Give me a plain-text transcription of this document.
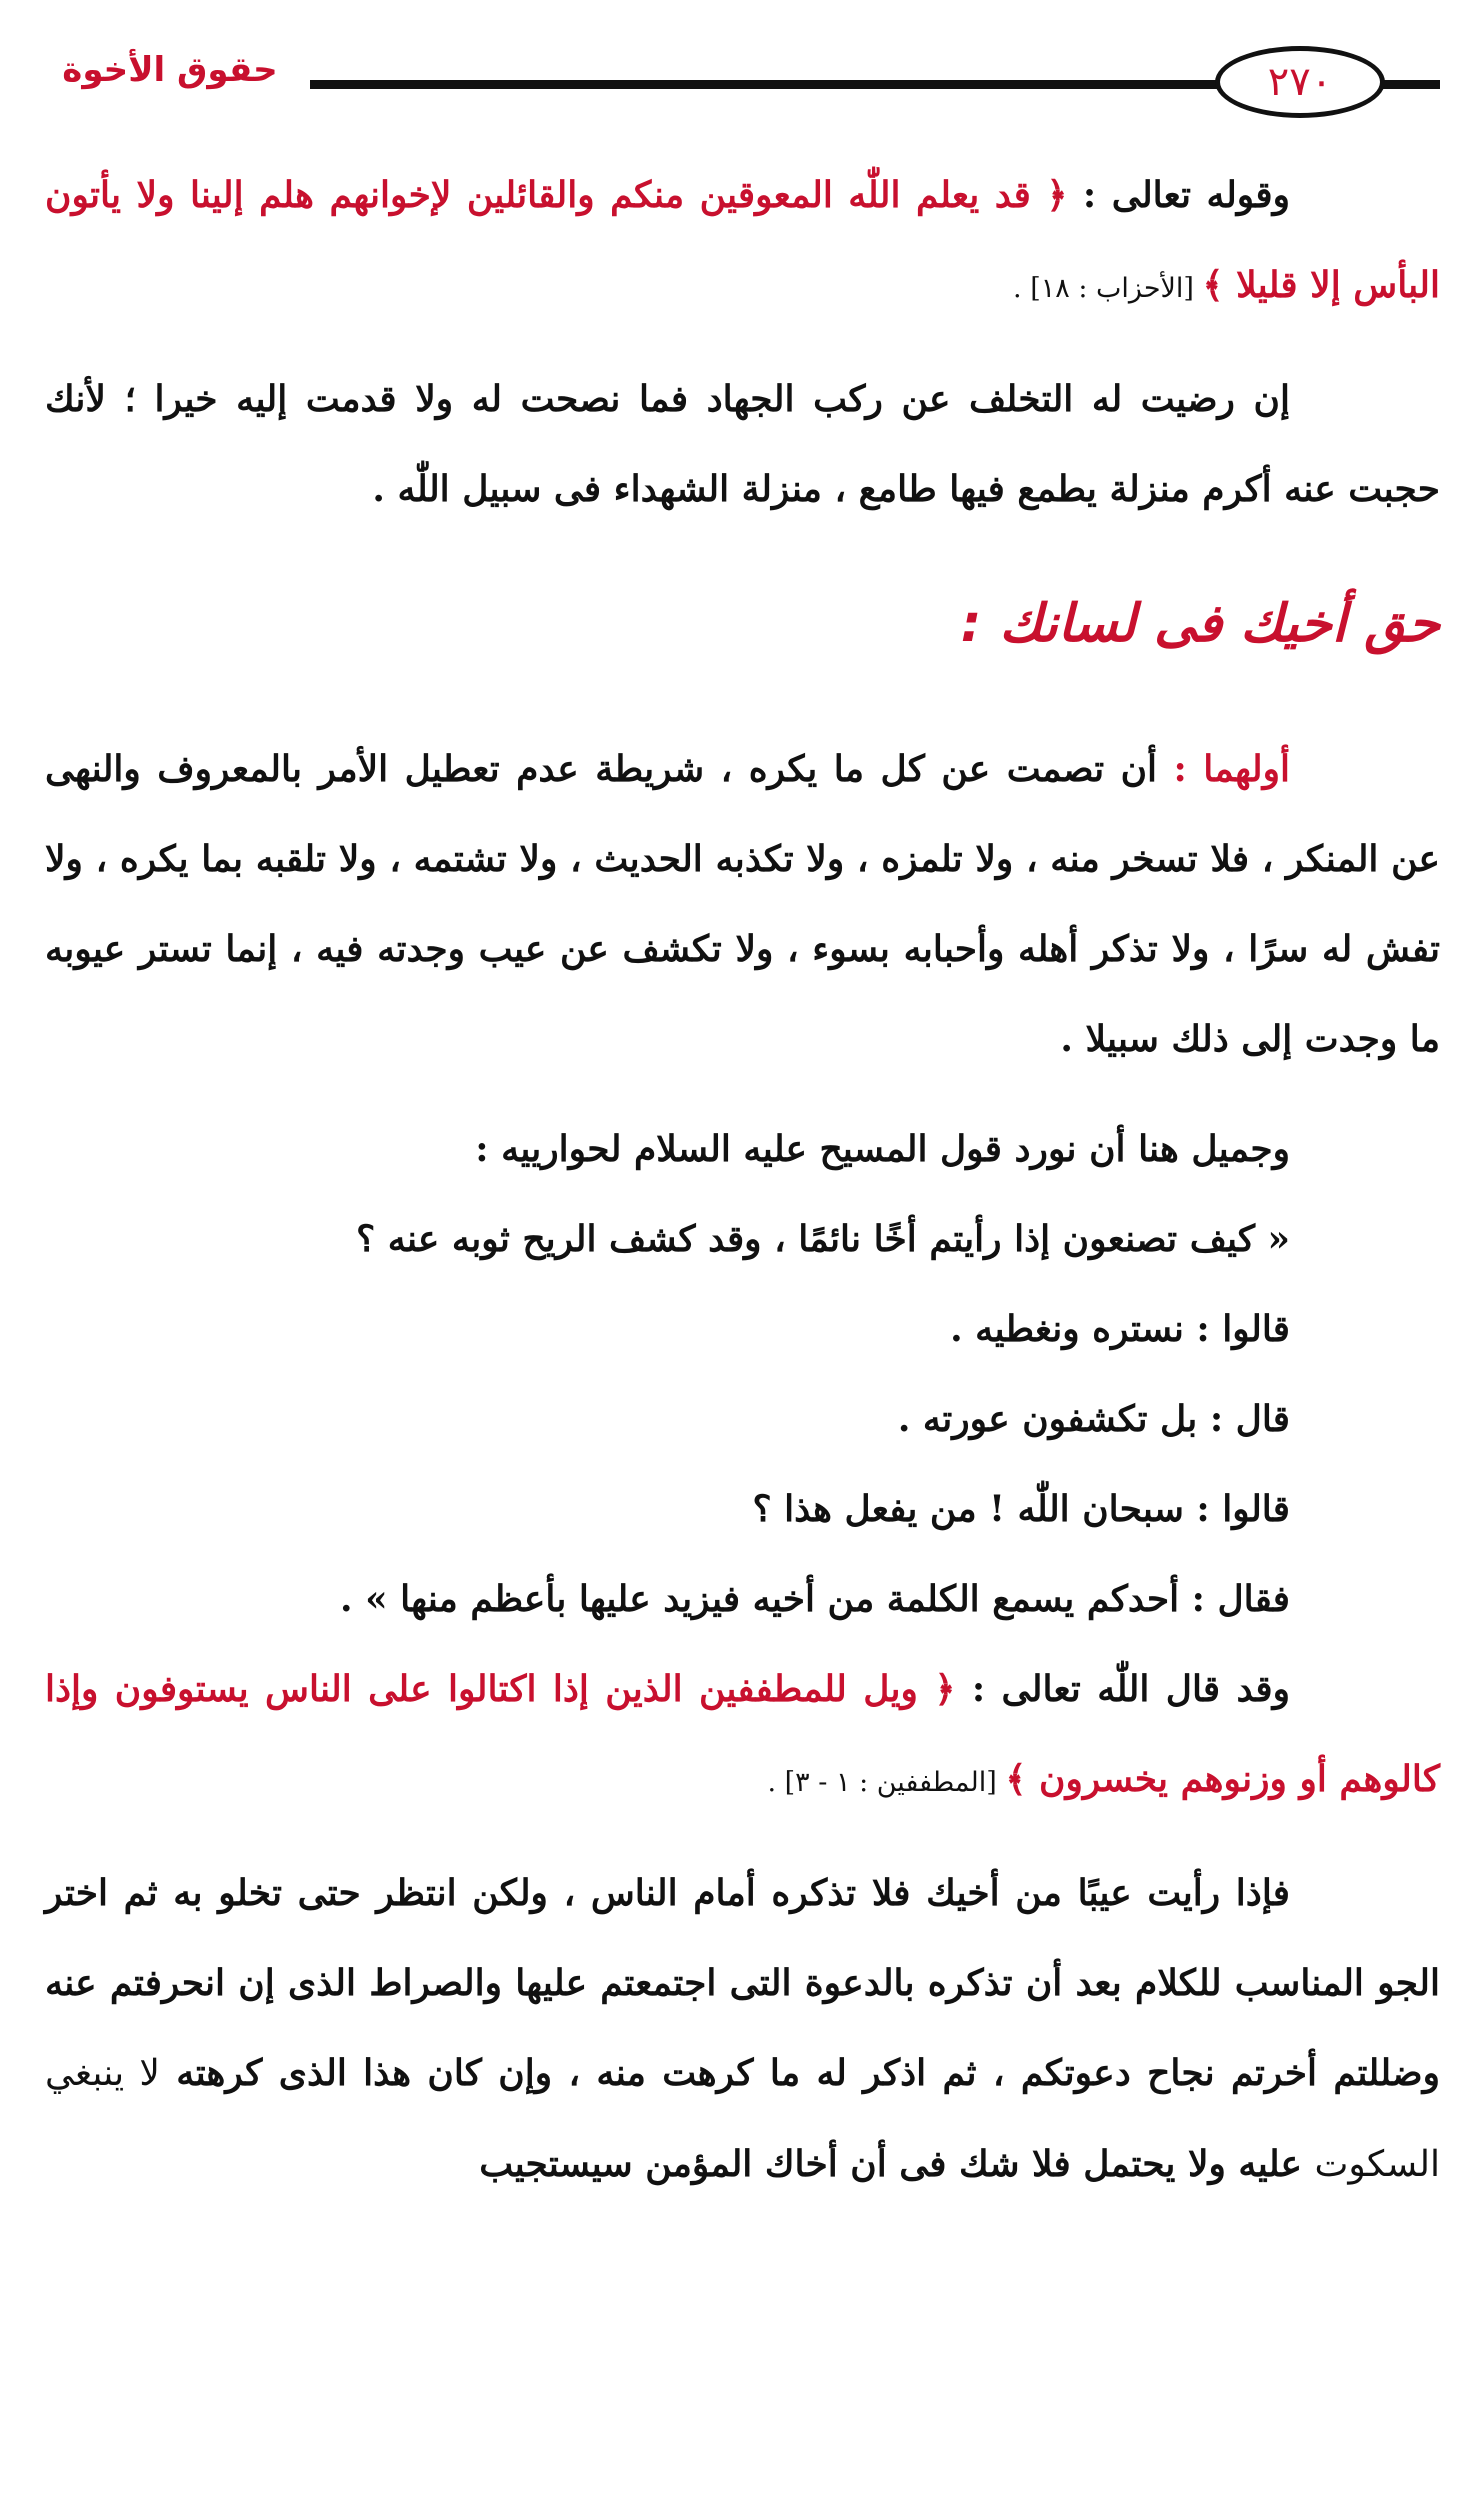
٢٧٠
حقوق الأخوة

وقوله تعالى : ﴿ قد يعلم اللّٰه المعوقين منكم والقائلين لإخوانهم هلم إلينا ولا يأتون البأس إلا قليلا ﴾ [الأحزاب : ١٨] .

إن رضيت له التخلف عن ركب الجهاد فما نصحت له ولا قدمت إليه خيرا ؛ لأنك حجبت عنه أكرم منزلة يطمع فيها طامع ، منزلة الشهداء فى سبيل اللّٰه .

حق أخيك فى لسانك :

أولهما : أن تصمت عن كل ما يكره ، شريطة عدم تعطيل الأمر بالمعروف والنهى عن المنكر ، فلا تسخر منه ، ولا تلمزه ، ولا تكذبه الحديث ، ولا تشتمه ، ولا تلقبه بما يكره ، ولا تفش له سرًا ، ولا تذكر أهله وأحبابه بسوء ، ولا تكشف عن عيب وجدته فيه ، إنما تستر عيوبه ما وجدت إلى ذلك سبيلا .

وجميل هنا أن نورد قول المسيح عليه السلام لحوارييه :

« كيف تصنعون إذا رأيتم أخًا نائمًا ، وقد كشف الريح ثوبه عنه ؟

قالوا : نستره ونغطيه .

قال : بل تكشفون عورته .

قالوا : سبحان اللّٰه ! من يفعل هذا ؟

فقال : أحدكم يسمع الكلمة من أخيه فيزيد عليها بأعظم منها » .

وقد قال اللّٰه تعالى : ﴿ ويل للمطففين الذين إذا اكتالوا على الناس يستوفون وإذا كالوهم أو وزنوهم يخسرون ﴾ [المطففين : ١ - ٣] .

فإذا رأيت عيبًا من أخيك فلا تذكره أمام الناس ، ولكن انتظر حتى تخلو به ثم اختر الجو المناسب للكلام بعد أن تذكره بالدعوة التى اجتمعتم عليها والصراط الذى إن انحرفتم عنه وضللتم أخرتم نجاح دعوتكم ، ثم اذكر له ما كرهت منه ، وإن كان هذا الذى كرهته لا ينبغي السكوت عليه ولا يحتمل فلا شك فى أن أخاك المؤمن سيستجيب
